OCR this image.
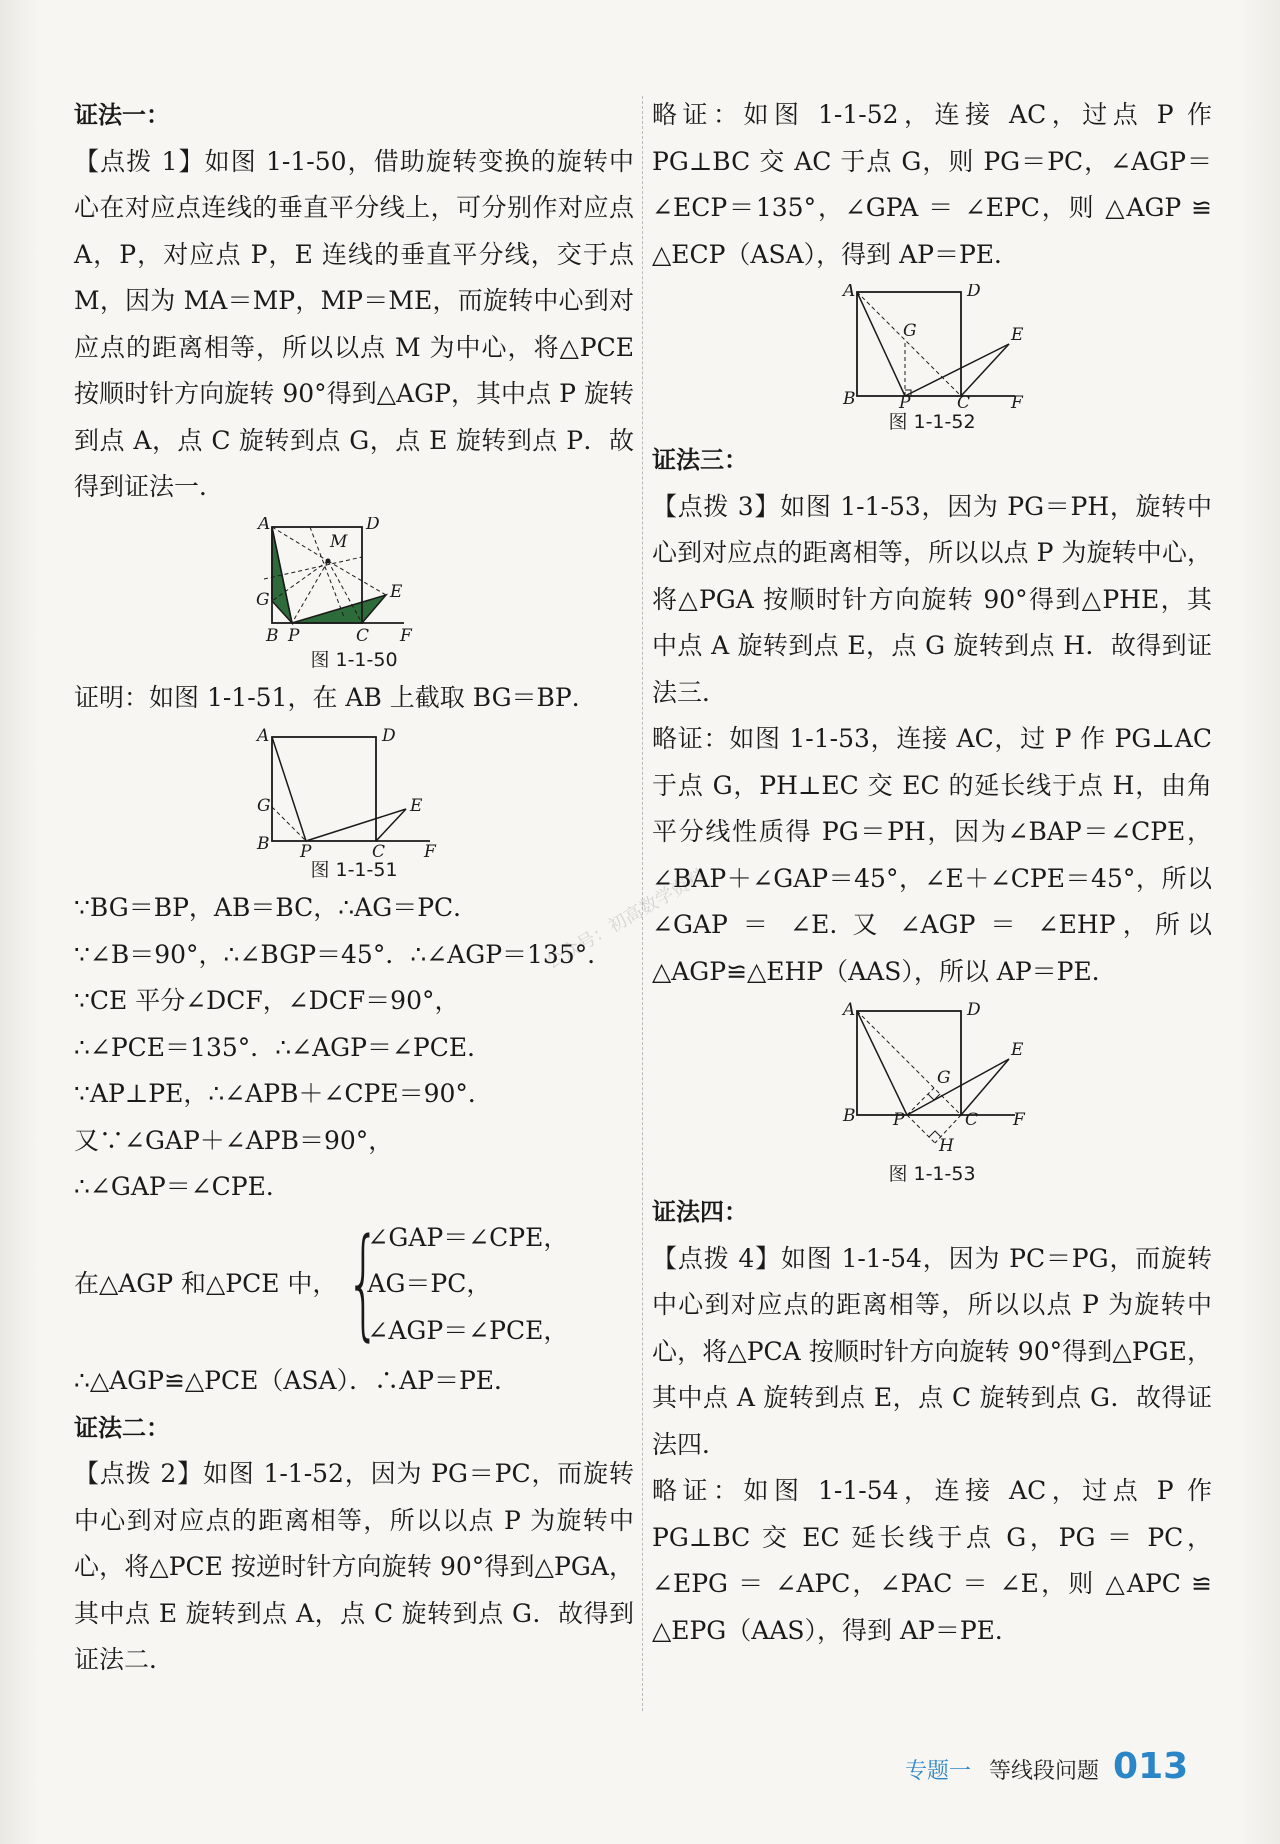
公众号：初高数学资料

证法一：

【点拨 1】如图 1-1-50，借助旋转变换的旋转中心在对应点连线的垂直平分线上，可分别作对应点 A，P，对应点 P，E 连线的垂直平分线，交于点 M，因为 MA＝MP，MP＝ME，而旋转中心到对应点的距离相等，所以以点 M 为中心，将△PCE 按顺时针方向旋转 90°得到△AGP，其中点 P 旋转到点 A，点 C 旋转到点 G，点 E 旋转到点 P．故得到证法一．

A	D
M
G	E
B P	C F
图 1-1-50

证明：如图 1-1-51，在 AB 上截取 BG＝BP．

A	D
G	E
B P	C F
图 1-1-51

∵BG＝BP，AB＝BC，∴AG＝PC．

∵∠B＝90°，∴∠BGP＝45°．∴∠AGP＝135°．

∵CE 平分∠DCF，∠DCF＝90°，

∴∠PCE＝135°．∴∠AGP＝∠PCE．

∵AP⊥PE，∴∠APB＋∠CPE＝90°．

又∵∠GAP＋∠APB＝90°，

∴∠GAP＝∠CPE．

在△AGP 和△PCE 中， {
∠GAP＝∠CPE，
AG＝PC，
∠AGP＝∠PCE，

∴△AGP≌△PCE（ASA）．∴AP＝PE．

证法二：

【点拨 2】如图 1-1-52，因为 PG＝PC，而旋转中心到对应点的距离相等，所以以点 P 为旋转中心，将△PCE 按逆时针方向旋转 90°得到△PGA，其中点 E 旋转到点 A，点 C 旋转到点 G．故得到证法二．

略证：如图 1-1-52，连接 AC，过点 P 作 PG⊥BC 交 AC 于点 G，则 PG＝PC，∠AGP＝∠ECP＝135°，∠GPA ＝ ∠EPC，则 △AGP ≌ △ECP（ASA），得到 AP＝PE．

A	D
G	E
B	P	C F
图 1-1-52

证法三：

【点拨 3】如图 1-1-53，因为 PG＝PH，旋转中心到对应点的距离相等，所以以点 P 为旋转中心，将△PGA 按顺时针方向旋转 90°得到△PHE，其中点 A 旋转到点 E，点 G 旋转到点 H．故得到证法三．

略证：如图 1-1-53，连接 AC，过 P 作 PG⊥AC 于点 G，PH⊥EC 交 EC 的延长线于点 H，由角平分线性质得 PG＝PH，因为∠BAP＝∠CPE，∠BAP＋∠GAP＝45°，∠E＋∠CPE＝45°，所以∠GAP ＝ ∠E. 又 ∠AGP ＝ ∠EHP，所以△AGP≌△EHP（AAS），所以 AP＝PE．

A	D
G
E
B P	C F
H
图 1-1-53

证法四：

【点拨 4】如图 1-1-54，因为 PC＝PG，而旋转中心到对应点的距离相等，所以以点 P 为旋转中心，将△PCA 按顺时针方向旋转 90°得到△PGE，其中点 A 旋转到点 E，点 C 旋转到点 G．故得证法四．

略证：如图 1-1-54，连接 AC，过点 P 作 PG⊥BC 交 EC 延长线于点 G，PG ＝ PC，∠EPG ＝ ∠APC，∠PAC ＝ ∠E，则 △APC ≌ △EPG（AAS），得到 AP＝PE．

专题一 等线段问题 013
